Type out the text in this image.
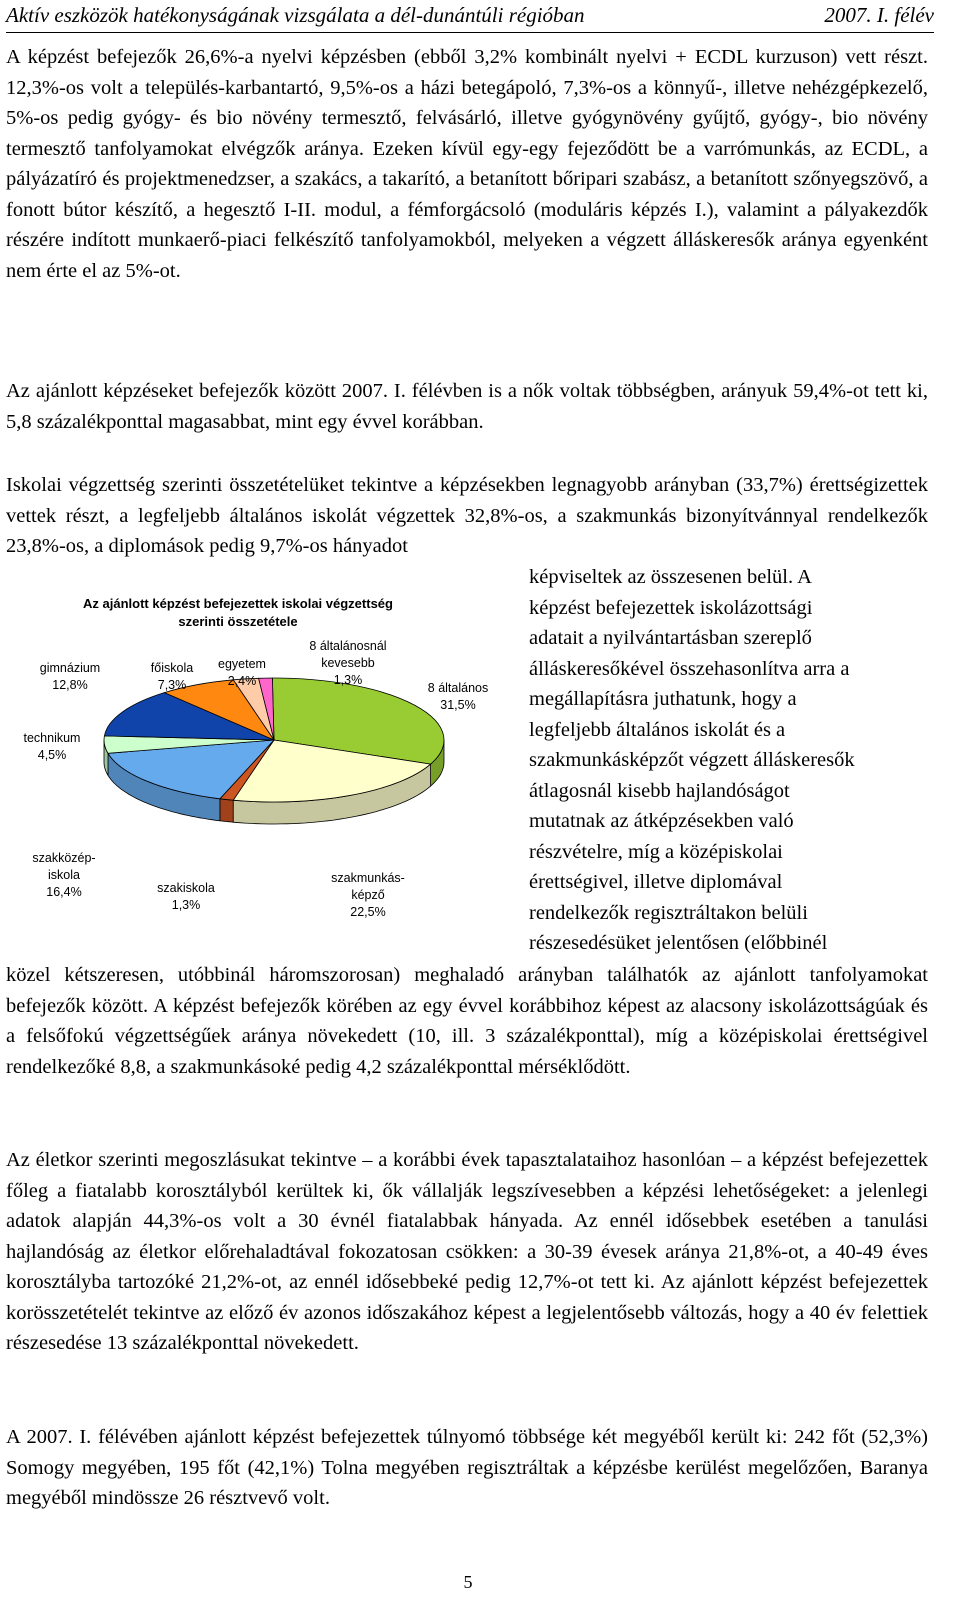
Aktív eszközök hatékonyságának vizsgálata a dél-dunántúli régióban	2007. I. félév

A képzést befejezők 26,6%-a nyelvi képzésben (ebből 3,2% kombinált nyelvi + ECDL kurzuson) vett részt. 12,3%-os volt a település-karbantartó, 9,5%-os a házi betegápoló, 7,3%-os a könnyű-, illetve nehézgépkezelő, 5%-os pedig gyógy- és bio növény termesztő, felvásárló, illetve gyógynövény gyűjtő, gyógy-, bio növény termesztő tanfolyamokat elvégzők aránya. Ezeken kívül egy-egy fejeződött be a varrómunkás, az ECDL, a pályázatíró és projektmenedzser, a szakács, a takarító, a betanított bőripari szabász, a betanított szőnyegszövő, a fonott bútor készítő, a hegesztő I-II. modul, a fémforgácsoló (moduláris képzés I.), valamint a pályakezdők részére indított munkaerő-piaci felkészítő tanfolyamokból, melyeken a végzett álláskeresők aránya egyenként nem érte el az 5%-ot.

Az ajánlott képzéseket befejezők között 2007. I. félévben is a nők voltak többségben, arányuk 59,4%-ot tett ki, 5,8 százalékponttal magasabbat, mint egy évvel korábban.

Iskolai végzettség szerinti összetételüket tekintve a képzésekben legnagyobb arányban (33,7%) érettségizettek vettek részt, a legfeljebb általános iskolát végzettek 32,8%-os, a szakmunkás bizonyítvánnyal rendelkezők 23,8%-os, a diplomások pedig 9,7%-os hányadot

képviseltek az összesenen belül. A
képzést befejezettek iskolázottsági
adatait a nyilvántartásban szereplő
álláskeresőkével összehasonlítva arra a
megállapításra juthatunk, hogy a
legfeljebb általános iskolát és a
szakmunkásképzőt végzett álláskeresők
átlagosnál kisebb hajlandóságot
mutatnak az átképzésekben való
részvételre, míg a középiskolai
érettségivel, illetve diplomával
rendelkezők regisztráltakon belüli
részesedésüket jelentősen (előbbinél
Az ajánlott képzést befejezettek iskolai végzettség
szerinti összetétele
8 általános
31,5%
szakmunkás-
képző
22,5%
szakiskola
1,3%
szakközép-
iskola
16,4%
technikum
4,5%
gimnázium
12,8%
főiskola
7,3%
egyetem
2,4%
8 általánosnál
kevesebb
1,3%

közel kétszeresen, utóbbinál háromszorosan) meghaladó arányban találhatók az ajánlott tanfolyamokat befejezők között. A képzést befejezők körében az egy évvel korábbihoz képest az alacsony iskolázottságúak és a felsőfokú végzettségűek aránya növekedett (10, ill. 3 százalékponttal), míg a középiskolai érettségivel rendelkezőké 8,8, a szakmunkásoké pedig 4,2 százalékponttal mérséklődött.

Az életkor szerinti megoszlásukat tekintve – a korábbi évek tapasztalataihoz hasonlóan – a képzést befejezettek főleg a fiatalabb korosztályból kerültek ki, ők vállalják legszívesebben a képzési lehetőségeket: a jelenlegi adatok alapján 44,3%-os volt a 30 évnél fiatalabbak hányada. Az ennél idősebbek esetében a tanulási hajlandóság az életkor előrehaladtával fokozatosan csökken: a 30-39 évesek aránya 21,8%-ot, a 40-49 éves korosztályba tartozóké 21,2%-ot, az ennél idősebbeké pedig 12,7%-ot tett ki. Az ajánlott képzést befejezettek korösszetételét tekintve az előző év azonos időszakához képest a legjelentősebb változás, hogy a 40 év felettiek részesedése 13 százalékponttal növekedett.

A 2007. I. félévében ajánlott képzést befejezettek túlnyomó többsége két megyéből került ki: 242 főt (52,3%) Somogy megyében, 195 főt (42,1%) Tolna megyében regisztráltak a képzésbe kerülést megelőzően, Baranya megyéből mindössze 26 résztvevő volt.

5
